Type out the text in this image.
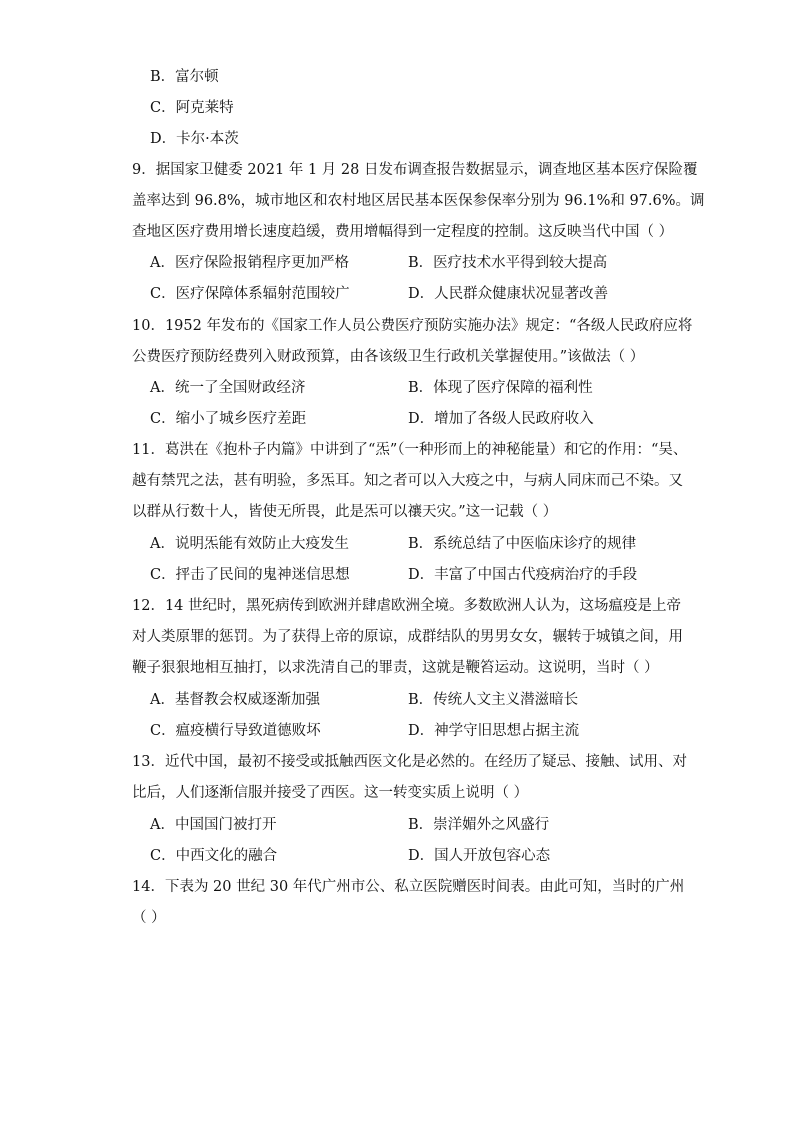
B．富尔顿
C．阿克莱特
D．卡尔·本茨
9．据国家卫健委 2021 年 1 月 28 日发布调查报告数据显示，调查地区基本医疗保险覆
盖率达到 96.8%，城市地区和农村地区居民基本医保参保率分别为 96.1%和 97.6%。调
查地区医疗费用增长速度趋缓，费用增幅得到一定程度的控制。这反映当代中国（ ）
A．医疗保险报销程序更加严格	B．医疗技术水平得到较大提高
C．医疗保障体系辐射范围较广	D．人民群众健康状况显著改善
10．1952 年发布的《国家工作人员公费医疗预防实施办法》规定：“各级人民政府应将
公费医疗预防经费列入财政预算，由各该级卫生行政机关掌握使用。”该做法（ ）
A．统一了全国财政经济	B．体现了医疗保障的福利性
C．缩小了城乡医疗差距	D．增加了各级人民政府收入
11．葛洪在《抱朴子内篇》中讲到了“炁”（一种形而上的神秘能量）和它的作用：“吴、
越有禁咒之法，甚有明验，多炁耳。知之者可以入大疫之中，与病人同床而己不染。又
以群从行数十人，皆使无所畏，此是炁可以禳天灾。”这一记载（ ）
A．说明炁能有效防止大疫发生	B．系统总结了中医临床诊疗的规律
C．抨击了民间的鬼神迷信思想	D．丰富了中国古代疫病治疗的手段
12．14 世纪时，黑死病传到欧洲并肆虐欧洲全境。多数欧洲人认为，这场瘟疫是上帝
对人类原罪的惩罚。为了获得上帝的原谅，成群结队的男男女女，辗转于城镇之间，用
鞭子狠狠地相互抽打，以求洗清自己的罪责，这就是鞭笞运动。这说明，当时（ ）
A．基督教会权威逐渐加强	B．传统人文主义潜滋暗长
C．瘟疫横行导致道德败坏	D．神学守旧思想占据主流
13．近代中国，最初不接受或抵触西医文化是必然的。在经历了疑忌、接触、试用、对
比后，人们逐渐信服并接受了西医。这一转变实质上说明（ ）
A．中国国门被打开	B．崇洋媚外之风盛行
C．中西文化的融合	D．国人开放包容心态
14．下表为 20 世纪 30 年代广州市公、私立医院赠医时间表。由此可知，当时的广州
（ ）
